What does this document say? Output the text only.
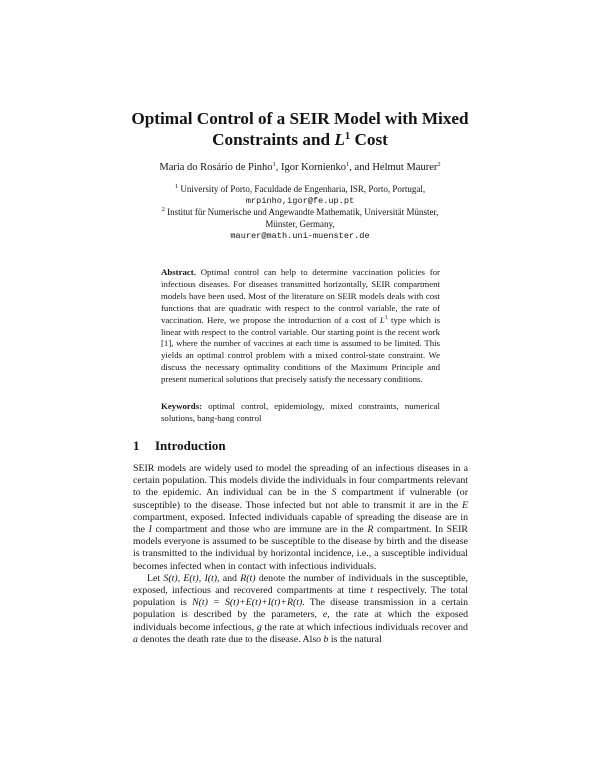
Optimal Control of a SEIR Model with Mixed
Constraints and $L^1$ Cost
Maria do Rosário de Pinho$^1$, Igor Kornienko$^1$, and Helmut Maurer$^2$
$^1$ University of Porto, Faculdade de Engenharia, ISR, Porto, Portugal,
mrpinho,igor@fe.up.pt
$^2$ Institut für Numerische und Angewandte Mathematik, Universität Münster,
Münster, Germany,
maurer@math.uni-muenster.de

Abstract. Optimal control can help to determine vaccination policies for infectious diseases. For diseases transmitted horizontally, SEIR compartment models have been used. Most of the literature on SEIR models deals with cost functions that are quadratic with respect to the control variable, the rate of vaccination. Here, we propose the introduction of a cost of $L^1$ type which is linear with respect to the control variable. Our starting point is the recent work [1], where the number of vaccines at each time is assumed to be limited. This yields an optimal control problem with a mixed control-state constraint. We discuss the necessary optimality conditions of the Maximum Principle and present numerical solutions that precisely satisfy the necessary conditions.

Keywords: optimal control, epidemiology, mixed constraints, numerical solutions, bang-bang control
1 Introduction

SEIR models are widely used to model the spreading of an infectious diseases in a certain population. This models divide the individuals in four compartments relevant to the epidemic. An individual can be in the S compartment if vulnerable (or susceptible) to the disease. Those infected but not able to transmit it are in the E compartment, exposed. Infected individuals capable of spreading the disease are in the I compartment and those who are immune are in the R compartment. In SEIR models everyone is assumed to be susceptible to the disease by birth and the disease is transmitted to the individual by horizontal incidence, i.e., a susceptible individual becomes infected when in contact with infectious individuals.

Let S(t), E(t), I(t), and R(t) denote the number of individuals in the susceptible, exposed, infectious and recovered compartments at time t respectively. The total population is N(t) = S(t)+E(t)+I(t)+R(t). The disease transmission in a certain population is described by the parameters, e, the rate at which the exposed individuals become infectious, g the rate at which infectious individuals recover and a denotes the death rate due to the disease. Also b is the natural
